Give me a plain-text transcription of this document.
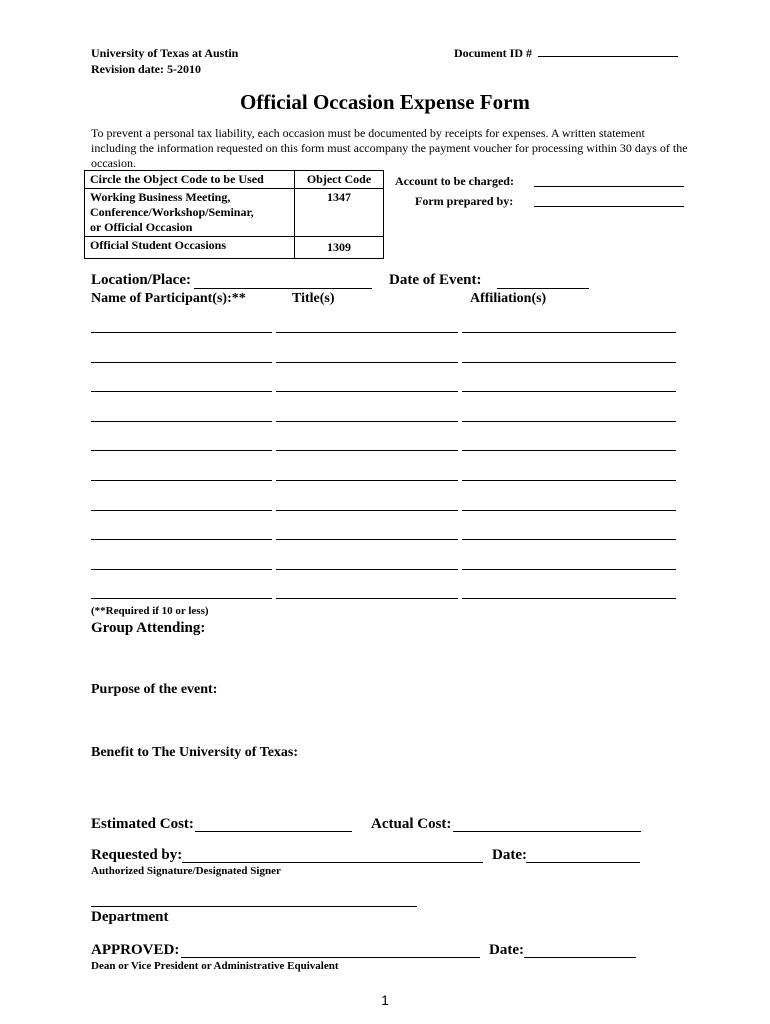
University of Texas at Austin
Revision date: 5-2010
Document ID #
Official Occasion Expense Form
To prevent a personal tax liability, each occasion must be documented by receipts for expenses. A written statement including the information requested on this form must accompany the payment voucher for processing within 30 days of the occasion.
Circle the Object Code to be Used	Object Code

Working Business Meeting,
Conference/Workshop/Seminar,
or Official Occasion	1347
Official Student Occasions	1309
Account to be charged:
Form prepared by:
Location/Place:	Date of Event:
Name of Participant(s):**	Title(s)	Affiliation(s)
(**Required if 10 or less)
Group Attending:
Purpose of the event:
Benefit to The University of Texas:
Estimated Cost:	Actual Cost:
Requested by:	Date:
Authorized Signature/Designated Signer
Department
APPROVED:	Date:
Dean or Vice President or Administrative Equivalent
1
